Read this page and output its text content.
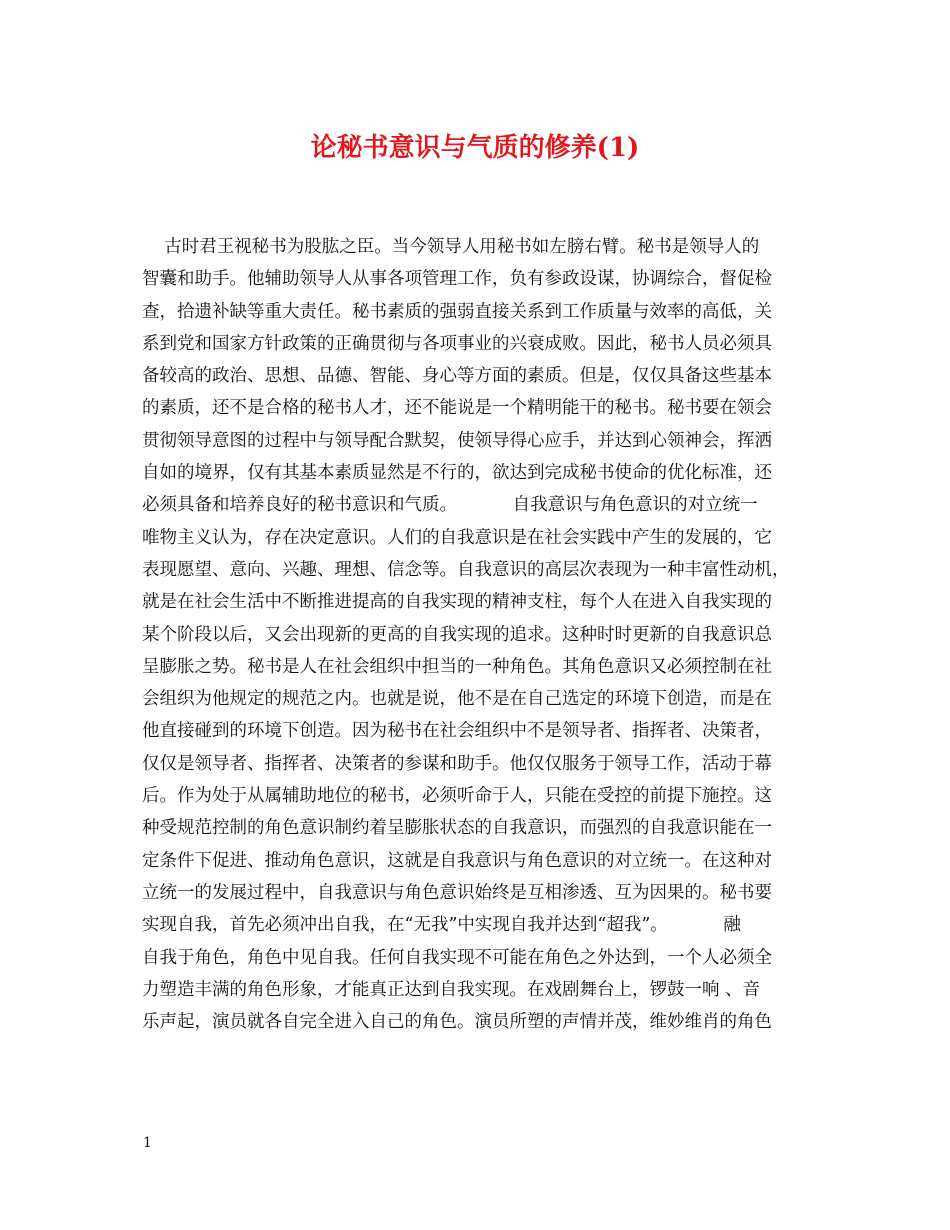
论秘书意识与气质的修养(1)
古时君王视秘书为股肱之臣。当今领导人用秘书如左膀右臂。秘书是领导人的
智囊和助手。他辅助领导人从事各项管理工作，负有参政设谋，协调综合，督促检
查，拾遗补缺等重大责任。秘书素质的强弱直接关系到工作质量与效率的高低，关
系到党和国家方针政策的正确贯彻与各项事业的兴衰成败。因此，秘书人员必须具
备较高的政治、思想、品德、智能、身心等方面的素质。但是，仅仅具备这些基本
的素质，还不是合格的秘书人才，还不能说是一个精明能干的秘书。秘书要在领会
贯彻领导意图的过程中与领导配合默契，使领导得心应手，并达到心领神会，挥洒
自如的境界，仅有其基本素质显然是不行的，欲达到完成秘书使命的优化标准，还
必须具备和培养良好的秘书意识和气质。          自我意识与角色意识的对立统一
唯物主义认为，存在决定意识。人们的自我意识是在社会实践中产生的发展的，它
表现愿望、意向、兴趣、理想、信念等。自我意识的高层次表现为一种丰富性动机，
就是在社会生活中不断推进提高的自我实现的精神支柱，每个人在进入自我实现的
某个阶段以后，又会出现新的更高的自我实现的追求。这种时时更新的自我意识总
呈膨胀之势。秘书是人在社会组织中担当的一种角色。其角色意识又必须控制在社
会组织为他规定的规范之内。也就是说，他不是在自己选定的环境下创造，而是在
他直接碰到的环境下创造。因为秘书在社会组织中不是领导者、指挥者、决策者，
仅仅是领导者、指挥者、决策者的参谋和助手。他仅仅服务于领导工作，活动于幕
后。作为处于从属辅助地位的秘书，必须听命于人，只能在受控的前提下施控。这
种受规范控制的角色意识制约着呈膨胀状态的自我意识，而强烈的自我意识能在一
定条件下促进、推动角色意识，这就是自我意识与角色意识的对立统一。在这种对
立统一的发展过程中，自我意识与角色意识始终是互相渗透、互为因果的。秘书要
实现自我，首先必须冲出自我，在“无我”中实现自我并达到“超我”。          融
自我于角色，角色中见自我。任何自我实现不可能在角色之外达到，一个人必须全
力塑造丰满的角色形象，才能真正达到自我实现。在戏剧舞台上，锣鼓一响 、音
乐声起，演员就各自完全进入自己的角色。演员所塑的声情并茂，维妙维肖的角色
1
